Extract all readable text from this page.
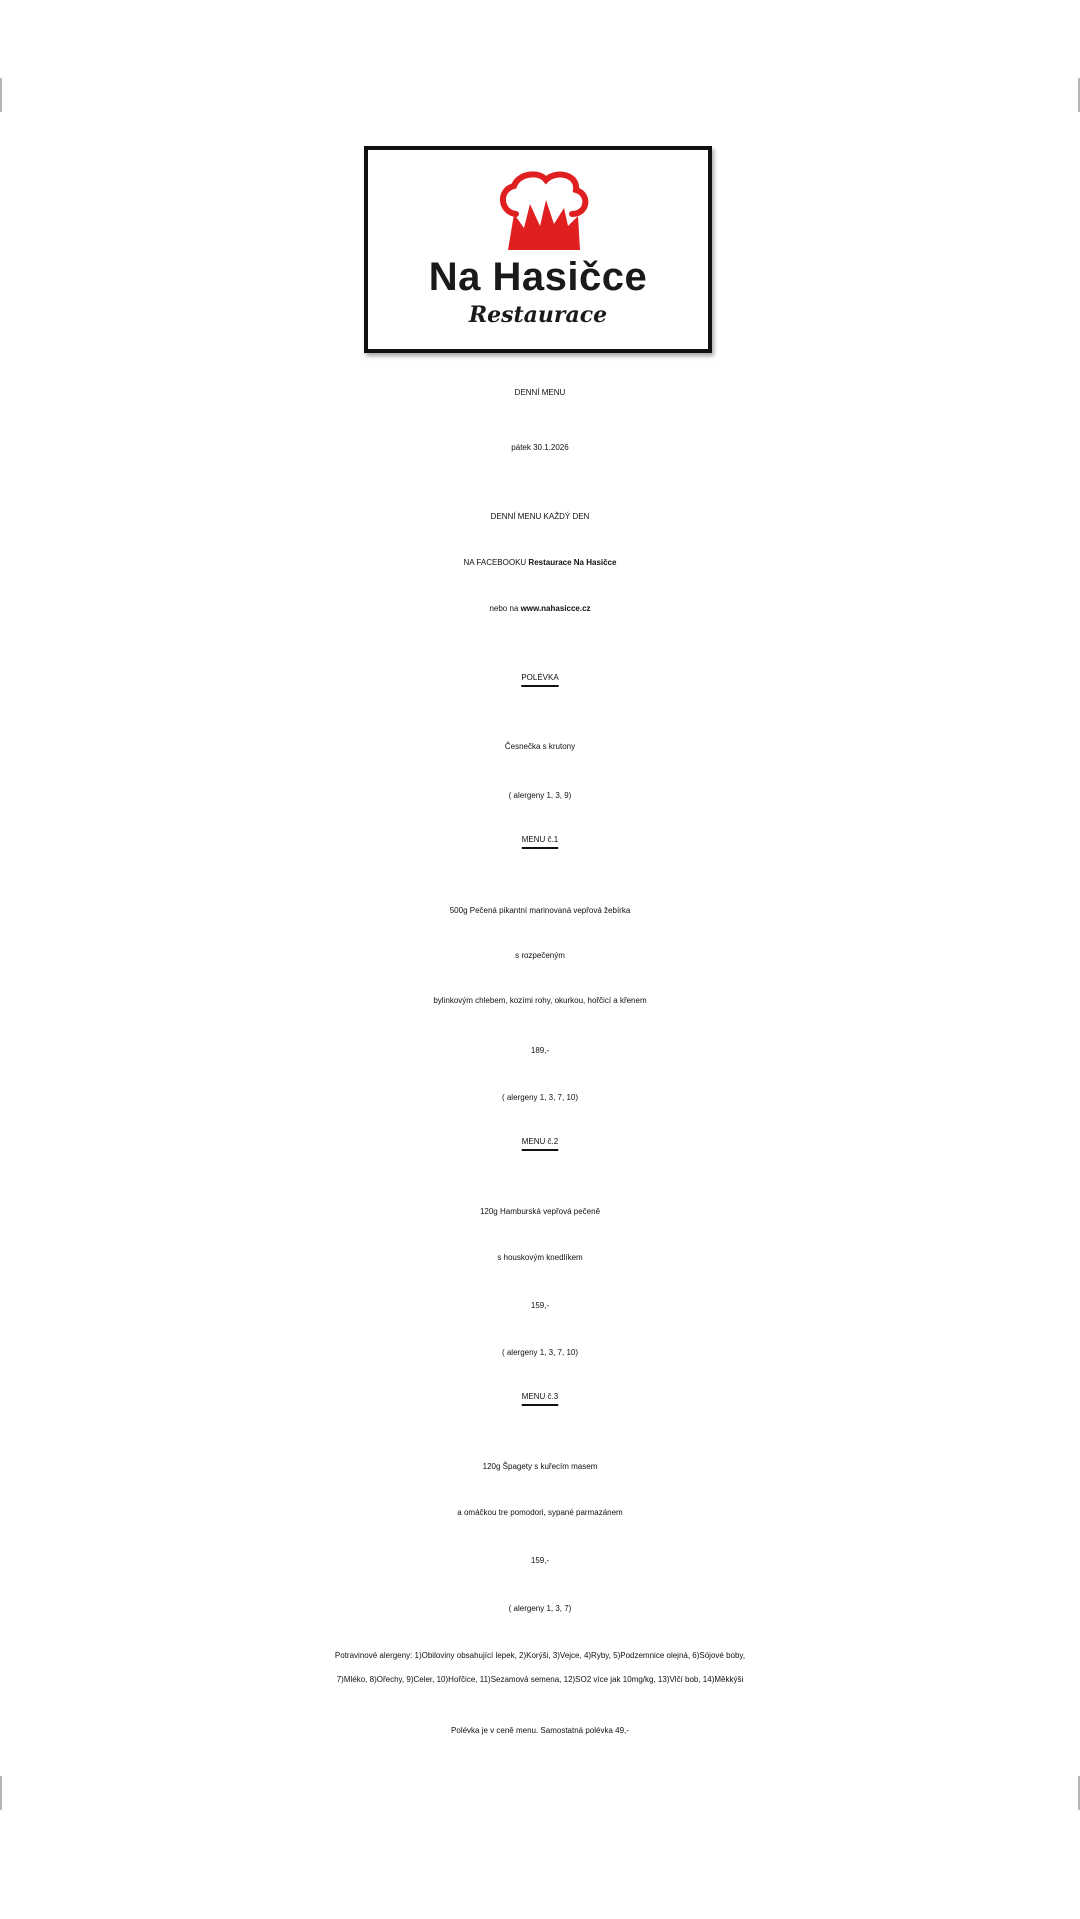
Na Hasičce
Restaurace
DENNÍ MENU
pátek 30.1.2026
DENNÍ MENU KAŽDÝ DEN
NA FACEBOOKU Restaurace Na Hasičce
nebo na www.nahasicce.cz
POLÉVKA
Česnečka s krutony
( alergeny 1, 3, 9)
MENU č.1
500g Pečená pikantní marinovaná vepřová žebírka
s rozpečeným
bylinkovým chlebem, kozími rohy, okurkou, hořčicí a křenem
189,-
( alergeny 1, 3, 7, 10)
MENU č.2
120g Hamburská vepřová pečeně
s houskovým knedlíkem
159,-
( alergeny 1, 3, 7, 10)
MENU č.3
120g Špagety s kuřecím masem
a omáčkou tre pomodori, sypané parmazánem
159,-
( alergeny 1, 3, 7)
Potravinové alergeny: 1)Obiloviny obsahující lepek, 2)Korýši, 3)Vejce, 4)Ryby, 5)Podzemnice olejná, 6)Sójové boby,
7)Mléko, 8)Ořechy, 9)Celer, 10)Hořčice, 11)Sezamová semena, 12)SO2 více jak 10mg/kg, 13)Vlčí bob, 14)Měkkýši
Polévka je v ceně menu. Samostatná polévka 49,-
